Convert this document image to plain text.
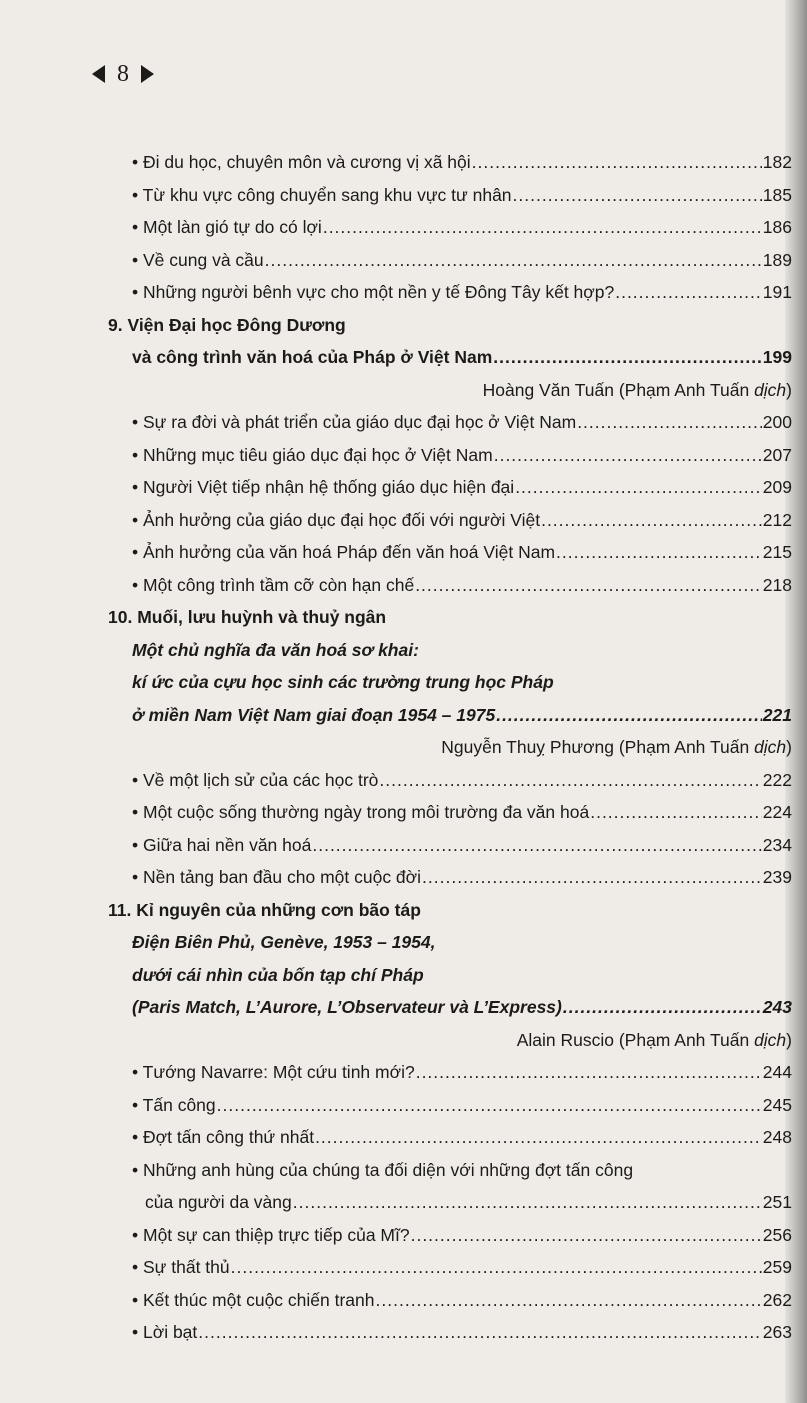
8
• Đi du học, chuyên môn và cương vị xã hội .....	182
• Từ khu vực công chuyển sang khu vực tư nhân .....	185
• Một làn gió tự do có lợi .....	186
• Về cung và cầu .....	189
• Những người bênh vực cho một nền y tế Đông Tây kết hợp? .....	191
9. Viện Đại học Đông Dương
và công trình văn hoá của Pháp ở Việt Nam .....	199
Hoàng Văn Tuấn (Phạm Anh Tuấn dịch )
• Sự ra đời và phát triển của giáo dục đại học ở Việt Nam .....	200
• Những mục tiêu giáo dục đại học ở Việt Nam .....	207
• Người Việt tiếp nhận hệ thống giáo dục hiện đại .....	209
• Ảnh hưởng của giáo dục đại học đối với người Việt .....	212
• Ảnh hưởng của văn hoá Pháp đến văn hoá Việt Nam .....	215
• Một công trình tầm cỡ còn hạn chế .....	218
10. Muối, lưu huỳnh và thuỷ ngân
Một chủ nghĩa đa văn hoá sơ khai:
kí ức của cựu học sinh các trường trung học Pháp
ở miền Nam Việt Nam giai đoạn 1954 – 1975 .....	221
Nguyễn Thuỵ Phương (Phạm Anh Tuấn dịch )
• Về một lịch sử của các học trò .....	222
• Một cuộc sống thường ngày trong môi trường đa văn hoá .....	224
• Giữa hai nền văn hoá .....	234
• Nền tảng ban đầu cho một cuộc đời .....	239
11. Kỉ nguyên của những cơn bão táp
Điện Biên Phủ, Genève, 1953 – 1954,
dưới cái nhìn của bốn tạp chí Pháp
(Paris Match, L’Aurore, L’Observateur và L’Express) .....	243
Alain Ruscio (Phạm Anh Tuấn dịch )
• Tướng Navarre: Một cứu tinh mới? .....	244
• Tấn công .....	245
• Đợt tấn công thứ nhất .....	248
• Những anh hùng của chúng ta đối diện với những đợt tấn công
của người da vàng .....	251
• Một sự can thiệp trực tiếp của Mĩ? .....	256
• Sự thất thủ .....	259
• Kết thúc một cuộc chiến tranh .....	262
• Lời bạt .....	263
